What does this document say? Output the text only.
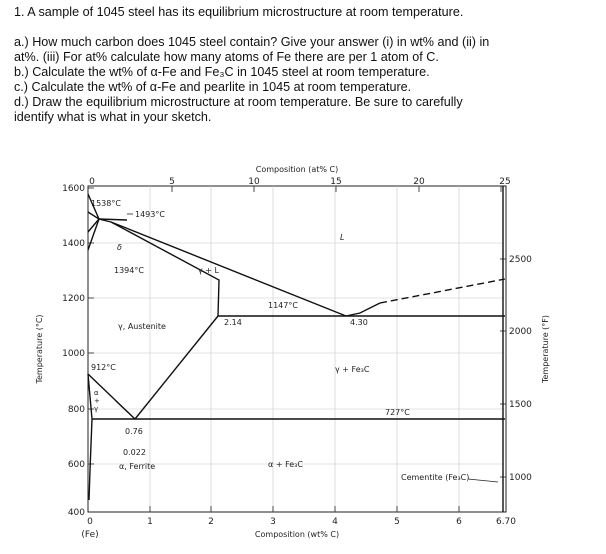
1. A sample of 1045 steel has its equilibrium microstructure at room temperature.
a.) How much carbon does 1045 steel contain? Give your answer (i) in wt% and (ii) in
at%. (iii) For at% calculate how many atoms of Fe there are per 1 atom of C.
b.) Calculate the wt% of α-Fe and Fe₃C in 1045 steel at room temperature.
c.) Calculate the wt% of α-Fe and pearlite in 1045 at room temperature.
d.) Draw the equilibrium microstructure at room temperature. Be sure to carefully
identify what is what in your sketch.
1600
1400
1200
1000
800
600
400
2500
2000
1500
1000
Composition (at% C)
0	5	10	15	20	25
0	1	2	3	4	5	6	6.70
(Fe)	Composition (wt% C)
Temperature (°C)	Temperature (°F)
1538°C
1493°C
δ
1394°C	γ + L
L
1147°C
2.14	4.30
γ, Austenite
912°C	γ + Fe₃C
727°C
0.76
0.022
α, Ferrite	α + Fe₃C
Cementite (Fe₃C)
α
+
γ
